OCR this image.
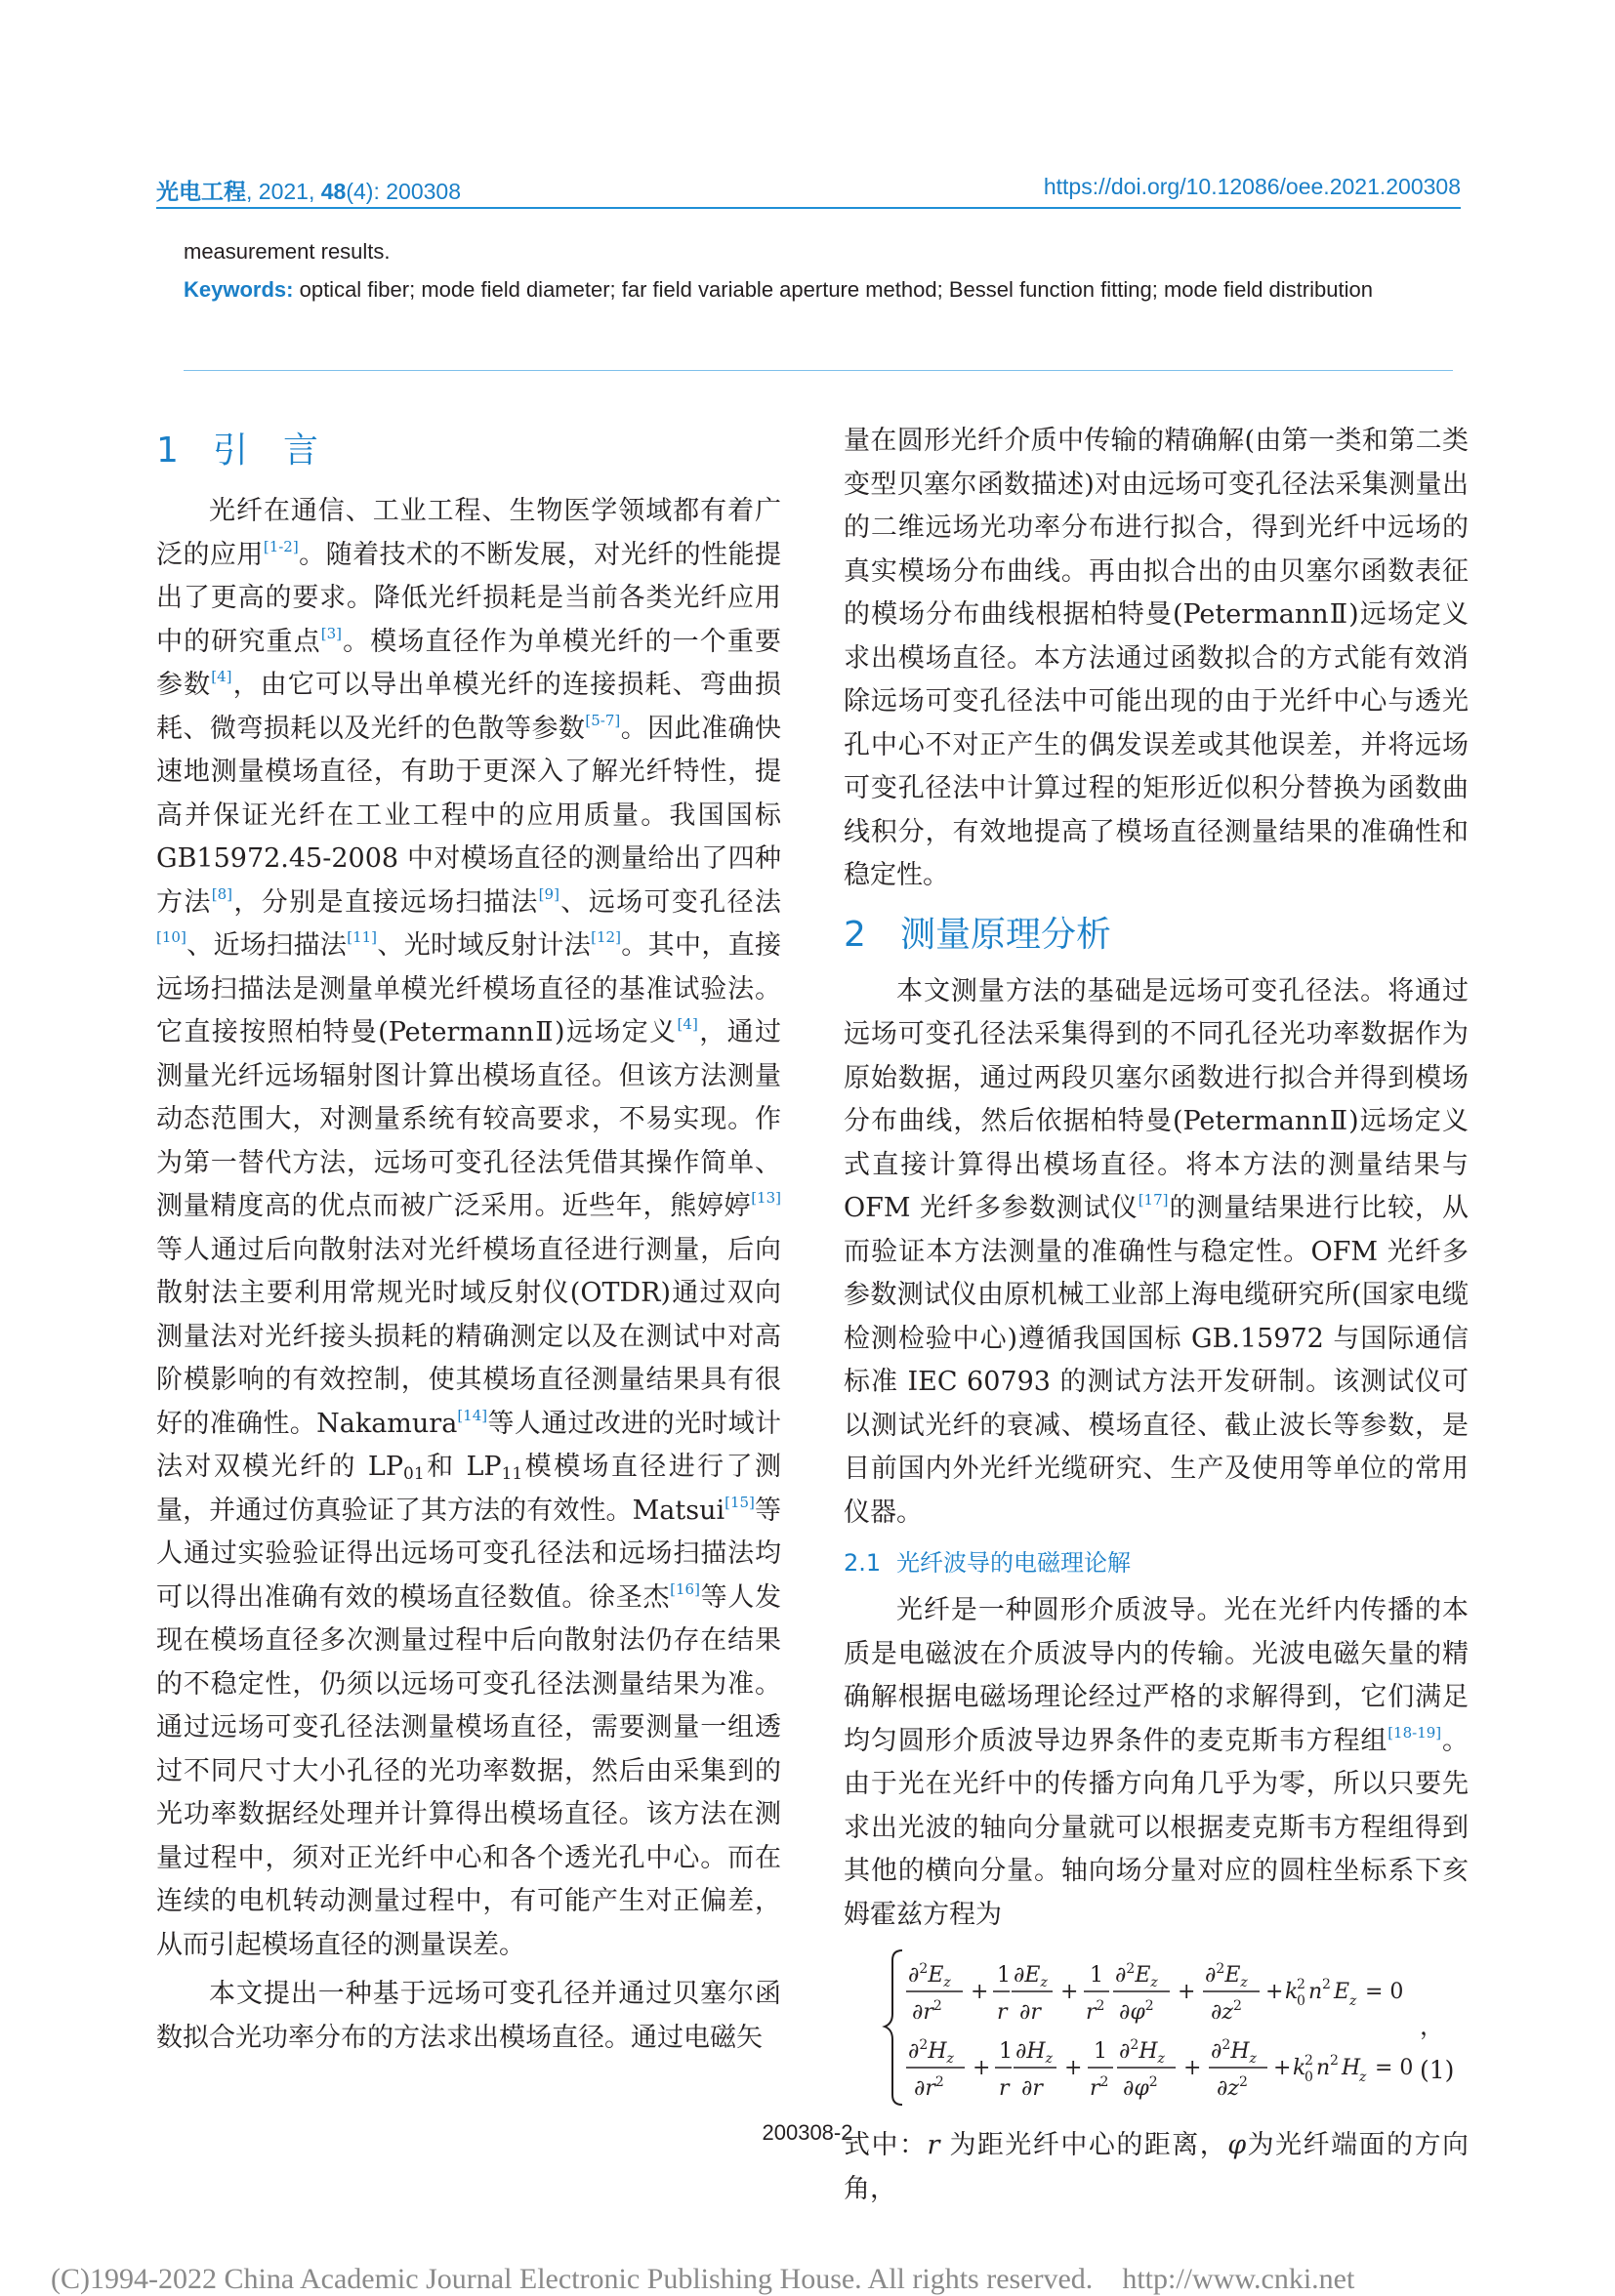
光电工程, 2021, 48(4): 200308	https://doi.org/10.12086/oee.2021.200308
measurement results.
Keywords: optical fiber; mode field diameter; far field variable aperture method; Bessel function fitting; mode field distribution
1 引　言

光纤在通信、工业工程、生物医学领域都有着广泛的应用[1-2]。随着技术的不断发展，对光纤的性能提出了更高的要求。降低光纤损耗是当前各类光纤应用中的研究重点[3]。模场直径作为单模光纤的一个重要参数[4]，由它可以导出单模光纤的连接损耗、弯曲损耗、微弯损耗以及光纤的色散等参数[5-7]。因此准确快速地测量模场直径，有助于更深入了解光纤特性，提高并保证光纤在工业工程中的应用质量。我国国标GB15972.45-2008 中对模场直径的测量给出了四种方法[8]，分别是直接远场扫描法[9]、远场可变孔径法[10]、近场扫描法[11]、光时域反射计法[12]。其中，直接远场扫描法是测量单模光纤模场直径的基准试验法。它直接按照柏特曼(PetermannⅡ)远场定义[4]，通过测量光纤远场辐射图计算出模场直径。但该方法测量动态范围大，对测量系统有较高要求，不易实现。作为第一替代方法，远场可变孔径法凭借其操作简单、测量精度高的优点而被广泛采用。近些年，熊婷婷[13]等人通过后向散射法对光纤模场直径进行测量，后向散射法主要利用常规光时域反射仪(OTDR)通过双向测量法对光纤接头损耗的精确测定以及在测试中对高阶模影响的有效控制，使其模场直径测量结果具有很好的准确性。Nakamura[14]等人通过改进的光时域计法对双模光纤的 $LP_{01}$和 $LP_{11}$模模场直径进行了测量，并通过仿真验证了其方法的有效性。Matsui[15]等人通过实验验证得出远场可变孔径法和远场扫描法均可以得出准确有效的模场直径数值。徐圣杰[16]等人发现在模场直径多次测量过程中后向散射法仍存在结果的不稳定性，仍须以远场可变孔径法测量结果为准。通过远场可变孔径法测量模场直径，需要测量一组透过不同尺寸大小孔径的光功率数据，然后由采集到的光功率数据经处理并计算得出模场直径。该方法在测量过程中，须对正光纤中心和各个透光孔中心。而在连续的电机转动测量过程中，有可能产生对正偏差，从而引起模场直径的测量误差。

本文提出一种基于远场可变孔径并通过贝塞尔函数拟合光功率分布的方法求出模场直径。通过电磁矢

量在圆形光纤介质中传输的精确解(由第一类和第二类变型贝塞尔函数描述)对由远场可变孔径法采集测量出的二维远场光功率分布进行拟合，得到光纤中远场的真实模场分布曲线。再由拟合出的由贝塞尔函数表征的模场分布曲线根据柏特曼(PetermannⅡ)远场定义求出模场直径。本方法通过函数拟合的方式能有效消除远场可变孔径法中可能出现的由于光纤中心与透光孔中心不对正产生的偶发误差或其他误差，并将远场可变孔径法中计算过程的矩形近似积分替换为函数曲线积分，有效地提高了模场直径测量结果的准确性和稳定性。

2 测量原理分析

本文测量方法的基础是远场可变孔径法。将通过远场可变孔径法采集得到的不同孔径光功率数据作为原始数据，通过两段贝塞尔函数进行拟合并得到模场分布曲线，然后依据柏特曼(PetermannⅡ)远场定义式直接计算得出模场直径。将本方法的测量结果与 OFM 光纤多参数测试仪[17]的测量结果进行比较，从而验证本方法测量的准确性与稳定性。OFM 光纤多参数测试仪由原机械工业部上海电缆研究所(国家电缆检测检验中心)遵循我国国标 GB.15972 与国际通信标准 IEC 60793 的测试方法开发研制。该测试仪可以测试光纤的衰减、模场直径、截止波长等参数，是目前国内外光纤光缆研究、生产及使用等单位的常用仪器。

2.1 光纤波导的电磁理论解

光纤是一种圆形介质波导。光在光纤内传播的本质是电磁波在介质波导内的传输。光波电磁矢量的精确解根据电磁场理论经过严格的求解得到，它们满足均匀圆形介质波导边界条件的麦克斯韦方程组[18-19]。由于光在光纤中的传播方向角几乎为零，所以只要先求出光波的轴向分量就可以根据麦克斯韦方程组得到其他的横向分量。轴向场分量对应的圆柱坐标系下亥姆霍兹方程为

$\partial^2E_z$
$\partial r^2$
+
1
r
$\partial E_z$
∂r
+
1
$r^2$
$\partial^2E_z$
$\partial\varphi^2$
+
$\partial^2E_z$
$\partial z^2$
+ k
0
2 n 2 E z = 0
$\partial^2H_z$
$\partial r^2$
+
1
r
$\partial H_z$
∂r
+
1
$r^2$
$\partial^2H_z$
$\partial\varphi^2$
+
$\partial^2H_z$
$\partial z^2$
+ k
0
2 n 2 H
z = 0
，(1)

式中：r 为距光纤中心的距离，φ为光纤端面的方向角，

200308-2
(C)1994-2022 China Academic Journal Electronic Publishing House. All rights reserved. http://www.cnki.net
